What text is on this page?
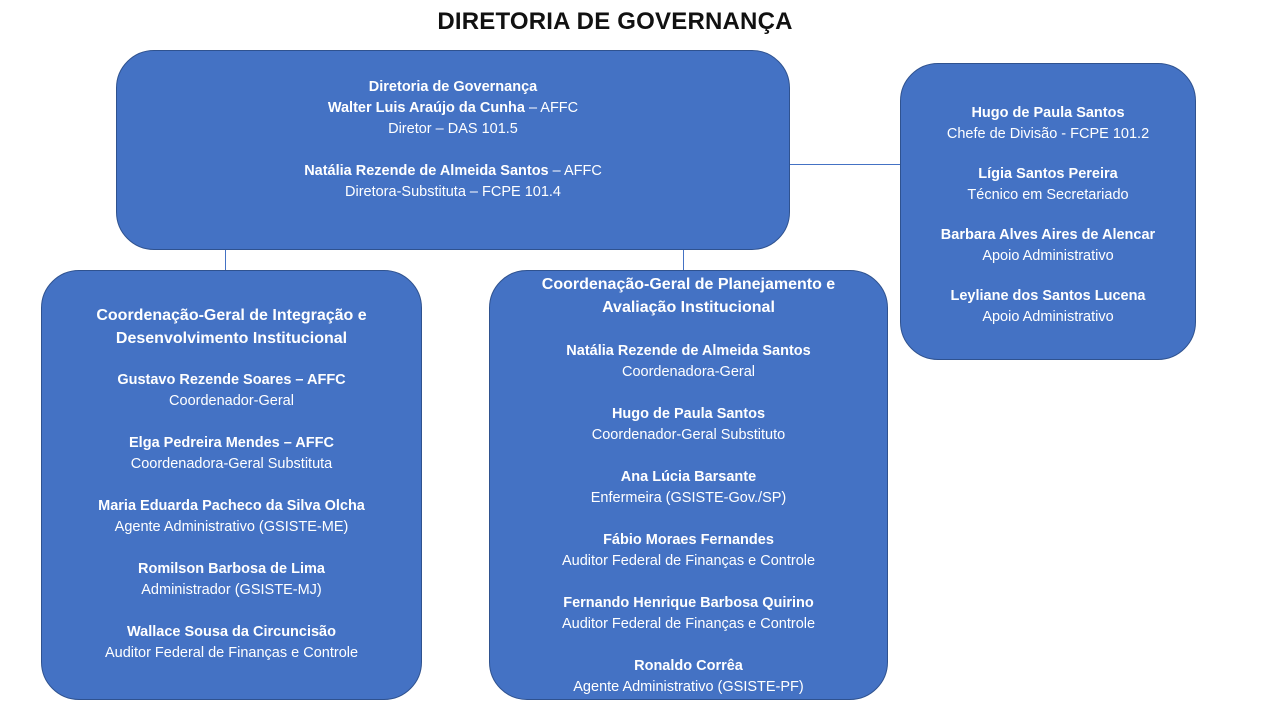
DIRETORIA DE GOVERNANÇA
Diretoria de Governança
Walter Luis Araújo da Cunha – AFFC
Diretor – DAS 101.5
Natália Rezende de Almeida Santos – AFFC
Diretora-Substituta – FCPE 101.4
Hugo de Paula Santos
Chefe de Divisão - FCPE 101.2
Lígia Santos Pereira
Técnico em Secretariado
Barbara Alves Aires de Alencar
Apoio Administrativo
Leyliane dos Santos Lucena
Apoio Administrativo
Coordenação-Geral de Integração e
Desenvolvimento Institucional
Gustavo Rezende Soares – AFFC
Coordenador-Geral
Elga Pedreira Mendes – AFFC
Coordenadora-Geral Substituta
Maria Eduarda Pacheco da Silva Olcha
Agente Administrativo (GSISTE-ME)
Romilson Barbosa de Lima
Administrador (GSISTE-MJ)
Wallace Sousa da Circuncisão
Auditor Federal de Finanças e Controle
Coordenação-Geral de Planejamento e
Avaliação Institucional
Natália Rezende de Almeida Santos
Coordenadora-Geral
Hugo de Paula Santos
Coordenador-Geral Substituto
Ana Lúcia Barsante
Enfermeira (GSISTE-Gov./SP)
Fábio Moraes Fernandes
Auditor Federal de Finanças e Controle
Fernando Henrique Barbosa Quirino
Auditor Federal de Finanças e Controle
Ronaldo Corrêa
Agente Administrativo (GSISTE-PF)
